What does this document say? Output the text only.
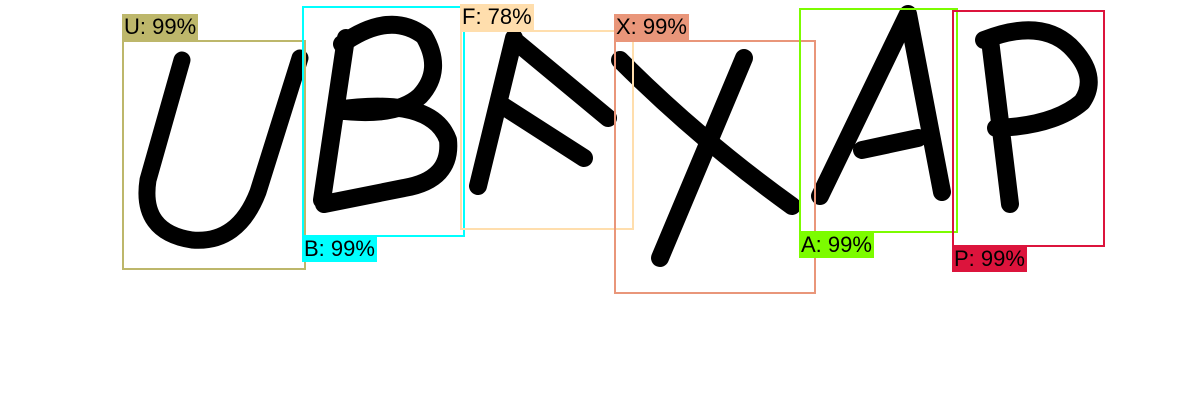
U: 99%
B: 99%
F: 78%	X: 99%
A: 99%
P: 99%
